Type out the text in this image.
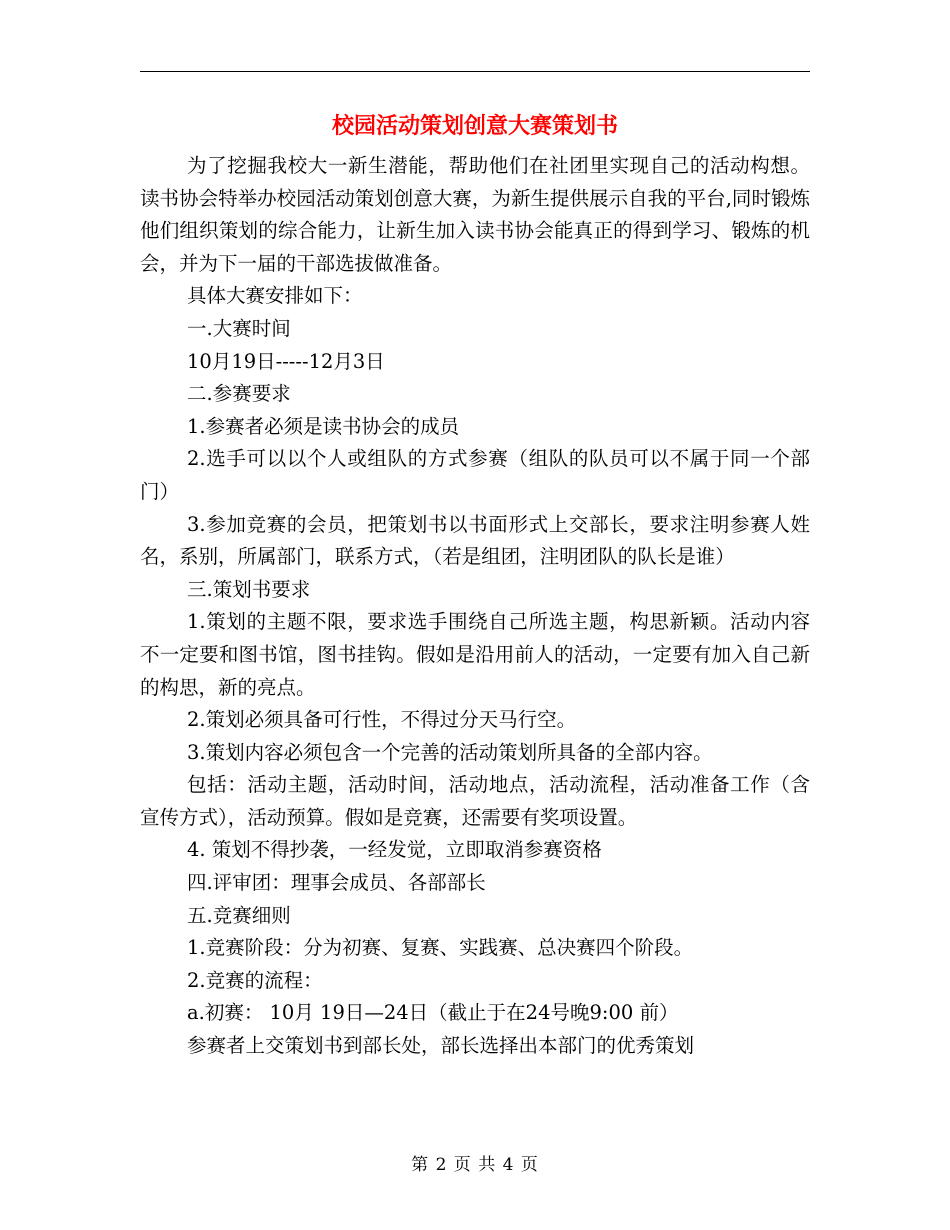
校园活动策划创意大赛策划书

为了挖掘我校大一新生潜能，帮助他们在社团里实现自己的活动构想。读书协会特举办校园活动策划创意大赛，为新生提供展示自我的平台,同时锻炼他们组织策划的综合能力，让新生加入读书协会能真正的得到学习、锻炼的机会，并为下一届的干部选拔做准备。

具体大赛安排如下：

一.大赛时间

10月19日-----12月3日

二.参赛要求

1.参赛者必须是读书协会的成员

2.选手可以以个人或组队的方式参赛（组队的队员可以不属于同一个部门）

3.参加竞赛的会员，把策划书以书面形式上交部长，要求注明参赛人姓名，系别，所属部门，联系方式，（若是组团，注明团队的队长是谁）

三.策划书要求

1.策划的主题不限，要求选手围绕自己所选主题，构思新颖。活动内容不一定要和图书馆，图书挂钩。假如是沿用前人的活动，一定要有加入自己新的构思，新的亮点。

2.策划必须具备可行性，不得过分天马行空。

3.策划内容必须包含一个完善的活动策划所具备的全部内容。

包括：活动主题，活动时间，活动地点，活动流程，活动准备工作（含宣传方式），活动预算。假如是竞赛，还需要有奖项设置。

4. 策划不得抄袭，一经发觉，立即取消参赛资格

四.评审团：理事会成员、各部部长

五.竞赛细则

1.竞赛阶段：分为初赛、复赛、实践赛、总决赛四个阶段。

2.竞赛的流程：

a.初赛： 10月 19日—24日（截止于在24号晚9:00 前）

参赛者上交策划书到部长处，部长选择出本部门的优秀策划

第 2 页 共 4 页
